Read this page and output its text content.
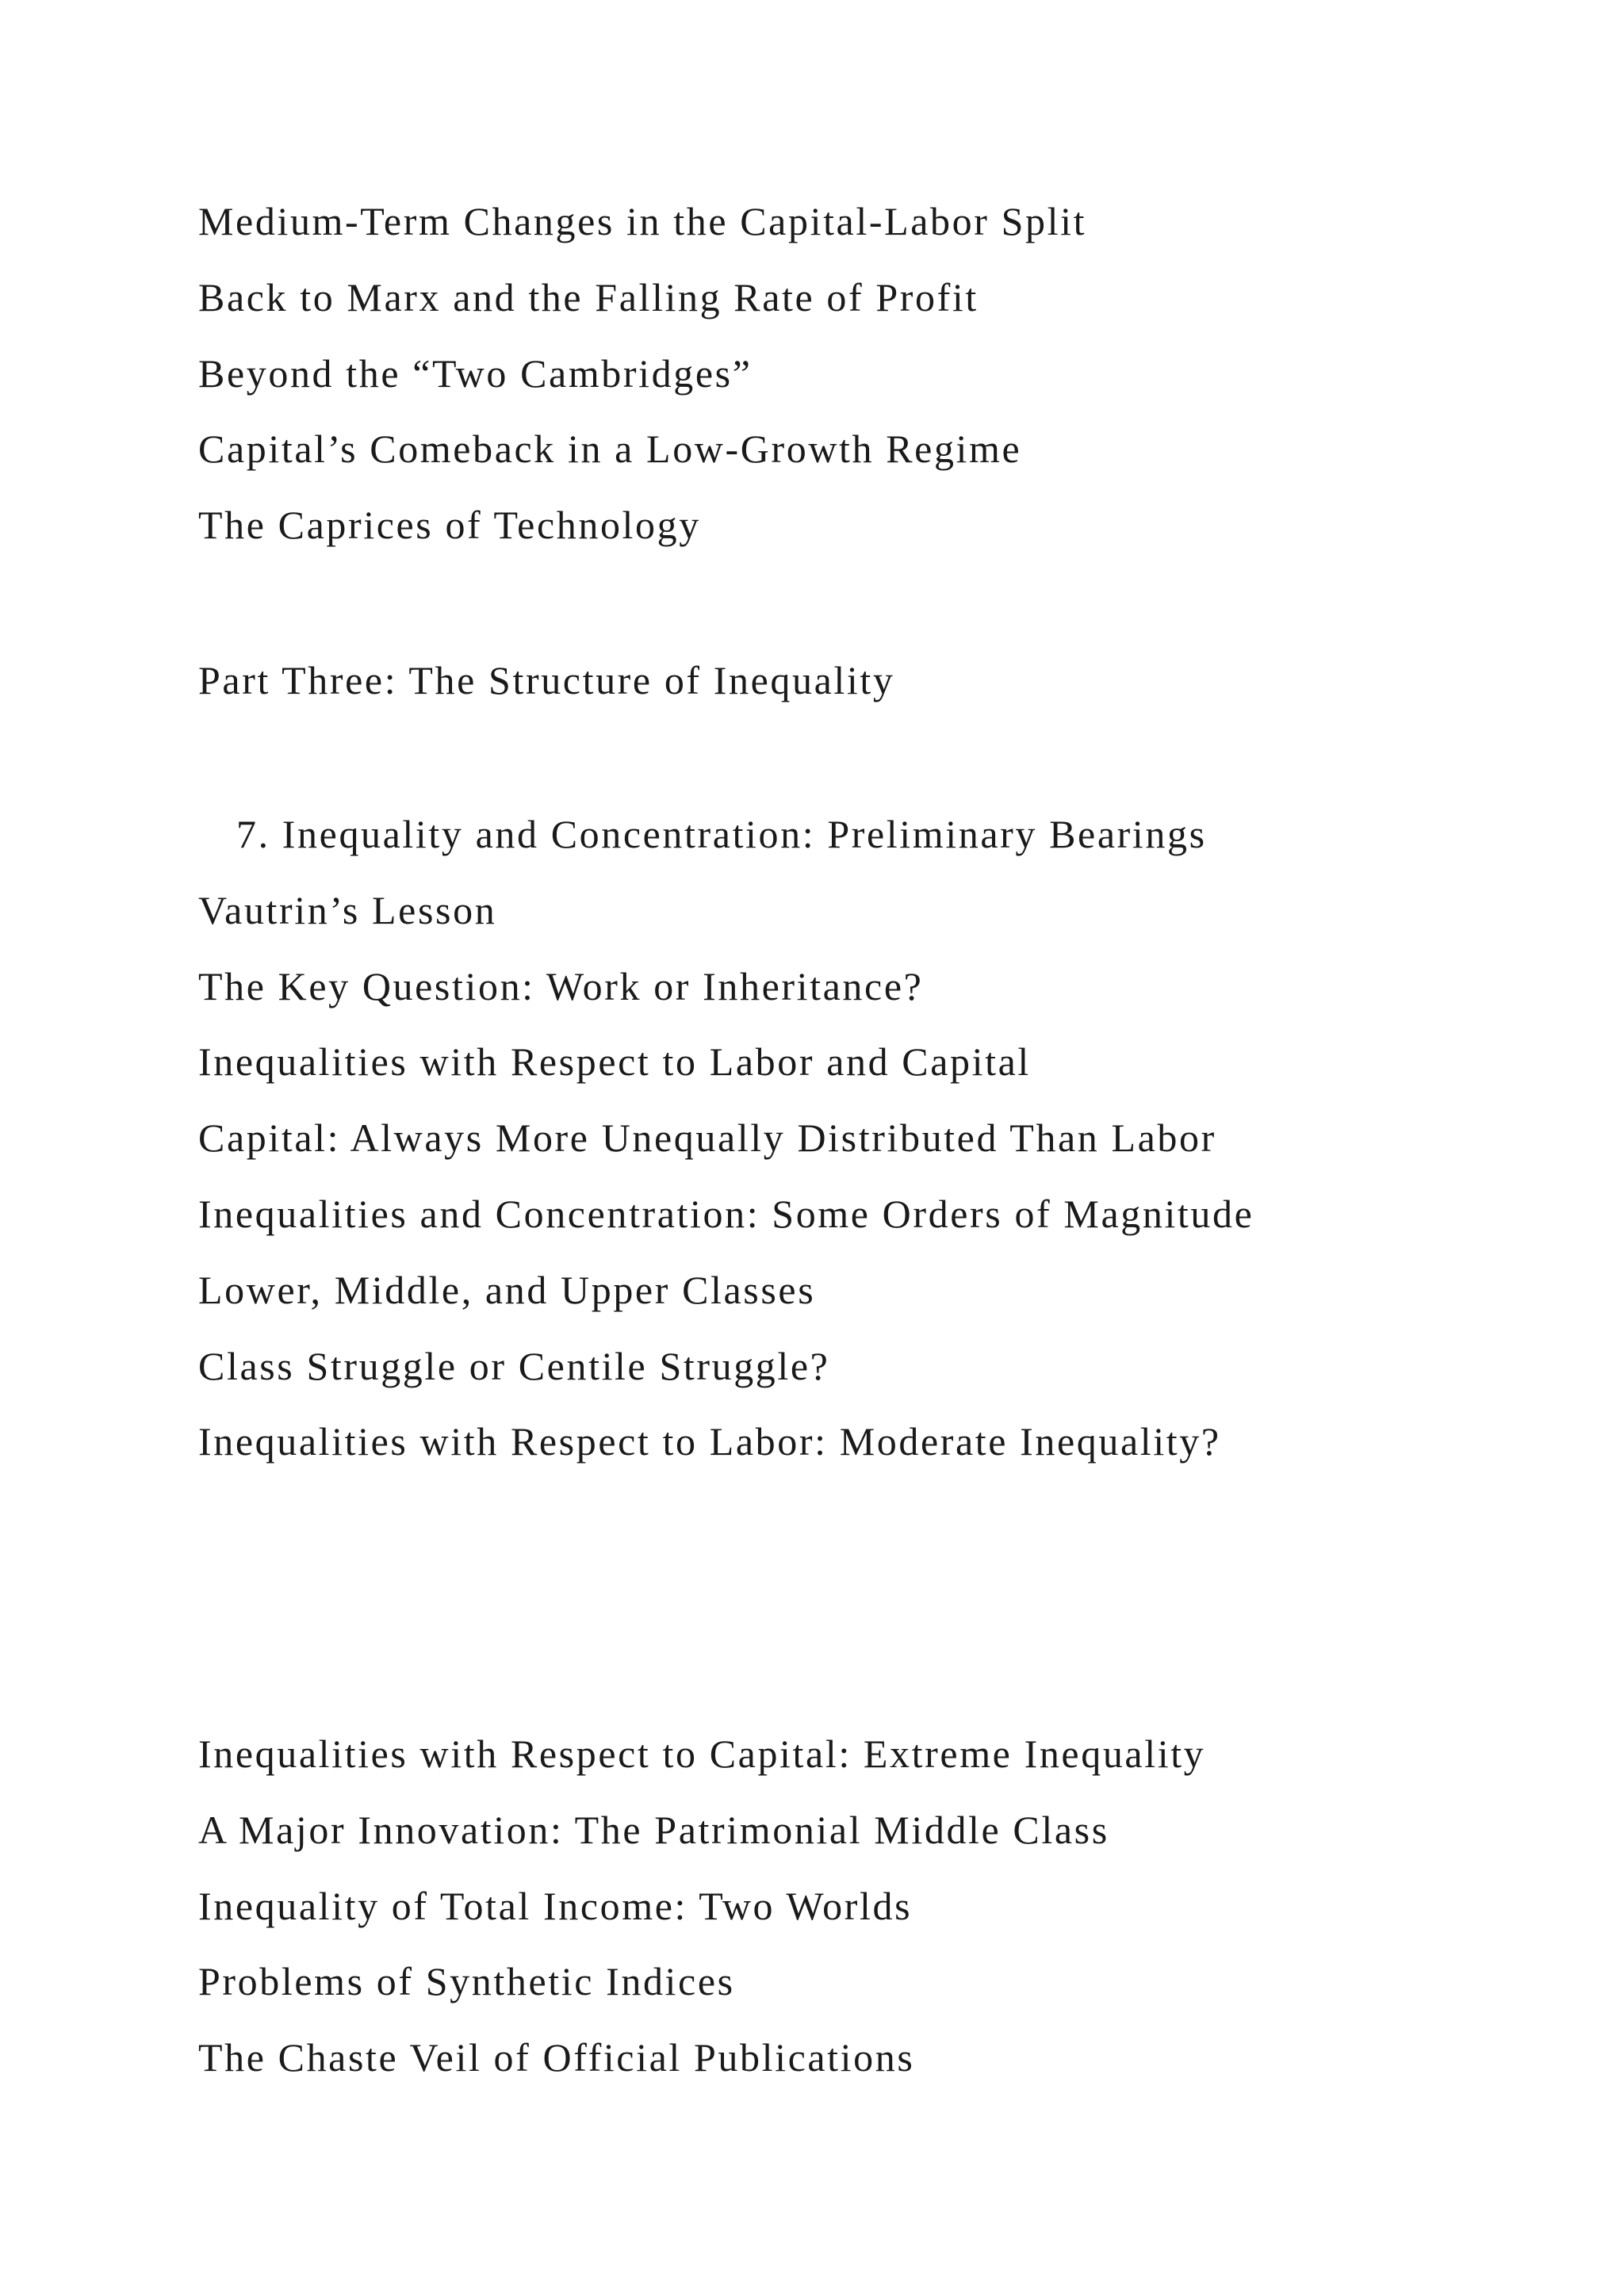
Medium-Term Changes in the Capital-Labor Split

Back to Marx and the Falling Rate of Profit

Beyond the “Two Cambridges”

Capital’s Comeback in a Low-Growth Regime

The Caprices of Technology

Part Three: The Structure of Inequality

7. Inequality and Concentration: Preliminary Bearings

Vautrin’s Lesson

The Key Question: Work or Inheritance?

Inequalities with Respect to Labor and Capital

Capital: Always More Unequally Distributed Than Labor

Inequalities and Concentration: Some Orders of Magnitude

Lower, Middle, and Upper Classes

Class Struggle or Centile Struggle?

Inequalities with Respect to Labor: Moderate Inequality?

Inequalities with Respect to Capital: Extreme Inequality

A Major Innovation: The Patrimonial Middle Class

Inequality of Total Income: Two Worlds

Problems of Synthetic Indices

The Chaste Veil of Official Publications
